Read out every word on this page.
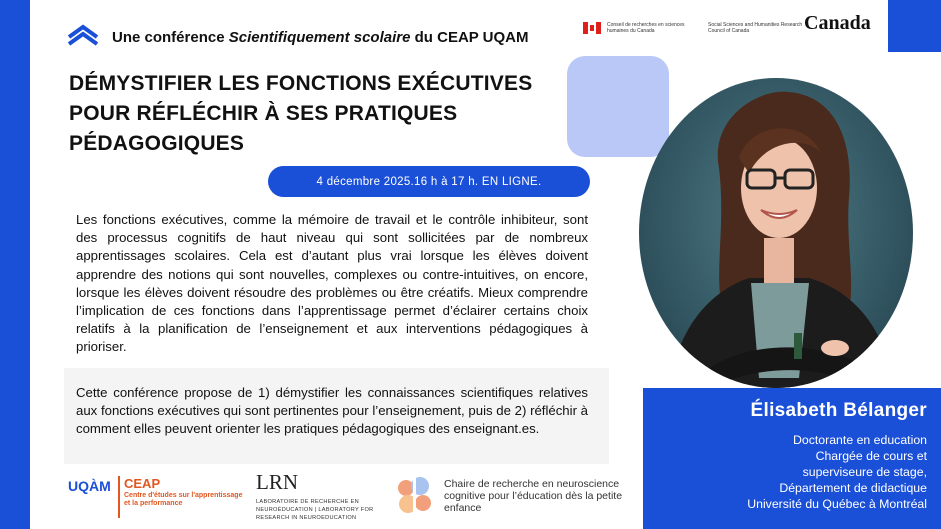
Une conférence Scientifiquement scolaire du CEAP UQAM
Conseil de recherches en sciences humaines du Canada
Social Sciences and Humanities Research Council of Canada	Canada
DÉMYSTIFIER LES FONCTIONS EXÉCUTIVES POUR RÉFLÉCHIR À SES PRATIQUES PÉDAGOGIQUES
4 décembre 2025.16 h à 17 h. EN LIGNE.
Les fonctions exécutives, comme la mémoire de travail et le contrôle inhibiteur, sont des processus cognitifs de haut niveau qui sont sollicitées par de nombreux apprentissages scolaires. Cela est d’autant plus vrai lorsque les élèves doivent apprendre des notions qui sont nouvelles, complexes ou contre-intuitives, on encore, lorsque les élèves doivent résoudre des problèmes ou être créatifs. Mieux comprendre l’implication de ces fonctions dans l’apprentissage permet d’éclairer certains choix relatifs à la planification de l’enseignement et aux interventions pédagogiques à prioriser.
Cette conférence propose de 1) démystifier les connaissances scientifiques relatives aux fonctions exécutives qui sont pertinentes pour l’enseignement, puis de 2) réfléchir à comment elles peuvent orienter les pratiques pédagogiques des enseignant.es.
UQÀM CEAP
Centre d'études sur l'apprentissage et la performance
LRN
LABORATOIRE DE RECHERCHE EN NEUROÉDUCATION | LABORATORY FOR RESEARCH IN NEUROEDUCATION
Chaire de recherche en neuroscience cognitive pour l’éducation dès la petite enfance
Élisabeth Bélanger
Doctorante en education
Chargée de cours et
superviseure de stage,
Département de didactique
Université du Québec à Montréal
